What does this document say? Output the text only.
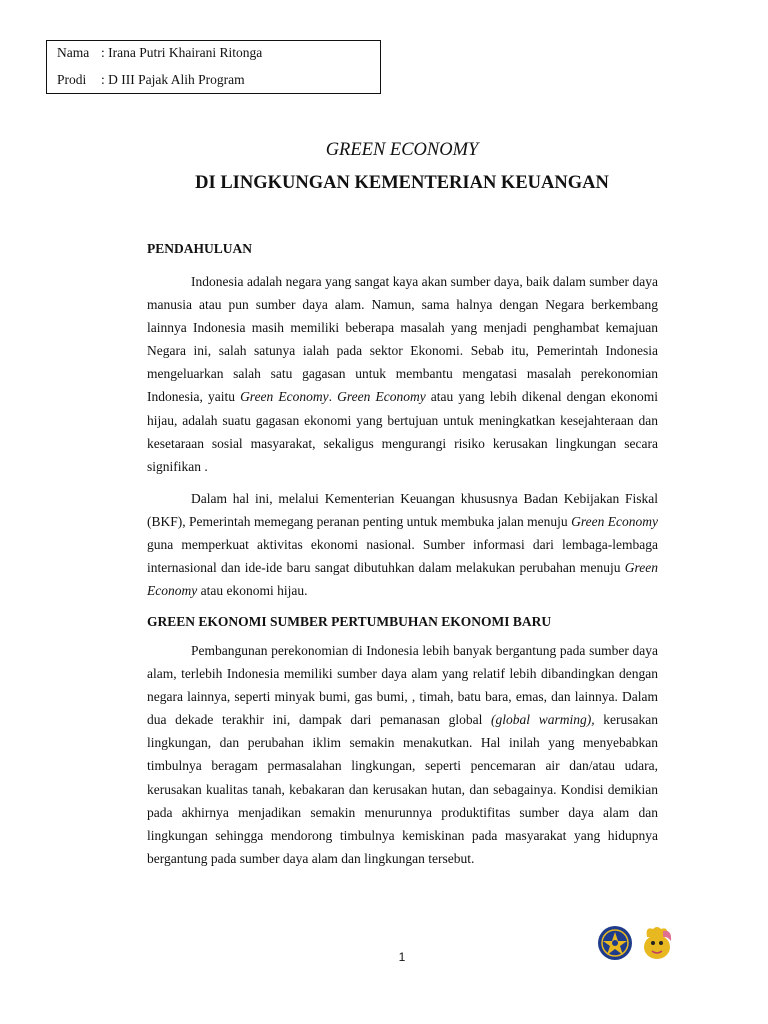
Nama : Irana Putri Khairani Ritonga
Prodi : D III Pajak Alih Program
GREEN ECONOMY
DI LINGKUNGAN KEMENTERIAN KEUANGAN
PENDAHULUAN

Indonesia adalah negara yang sangat kaya akan sumber daya, baik dalam sumber daya manusia atau pun sumber daya alam. Namun, sama halnya dengan Negara berkembang lainnya Indonesia masih memiliki beberapa masalah yang menjadi penghambat kemajuan Negara ini, salah satunya ialah pada sektor Ekonomi. Sebab itu, Pemerintah Indonesia mengeluarkan salah satu gagasan untuk membantu mengatasi masalah perekonomian Indonesia, yaitu Green Economy. Green Economy atau yang lebih dikenal dengan ekonomi hijau, adalah suatu gagasan ekonomi yang bertujuan untuk meningkatkan kesejahteraan dan kesetaraan sosial masyarakat, sekaligus mengurangi risiko kerusakan lingkungan secara signifikan .

Dalam hal ini, melalui Kementerian Keuangan khususnya Badan Kebijakan Fiskal (BKF), Pemerintah memegang peranan penting untuk membuka jalan menuju Green Economy guna memperkuat aktivitas ekonomi nasional. Sumber informasi dari lembaga-lembaga internasional dan ide-ide baru sangat dibutuhkan dalam melakukan perubahan menuju Green Economy atau ekonomi hijau.

GREEN EKONOMI SUMBER PERTUMBUHAN EKONOMI BARU

Pembangunan perekonomian di Indonesia lebih banyak bergantung pada sumber daya alam, terlebih Indonesia memiliki sumber daya alam yang relatif lebih dibandingkan dengan negara lainnya, seperti minyak bumi, gas bumi, , timah, batu bara, emas, dan lainnya. Dalam dua dekade terakhir ini, dampak dari pemanasan global (global warming), kerusakan lingkungan, dan perubahan iklim semakin menakutkan. Hal inilah yang menyebabkan timbulnya beragam permasalahan lingkungan, seperti pencemaran air dan/atau udara, kerusakan kualitas tanah, kebakaran dan kerusakan hutan, dan sebagainya. Kondisi demikian pada akhirnya menjadikan semakin menurunnya produktifitas sumber daya alam dan lingkungan sehingga mendorong timbulnya kemiskinan pada masyarakat yang hidupnya bergantung pada sumber daya alam dan lingkungan tersebut.

1
